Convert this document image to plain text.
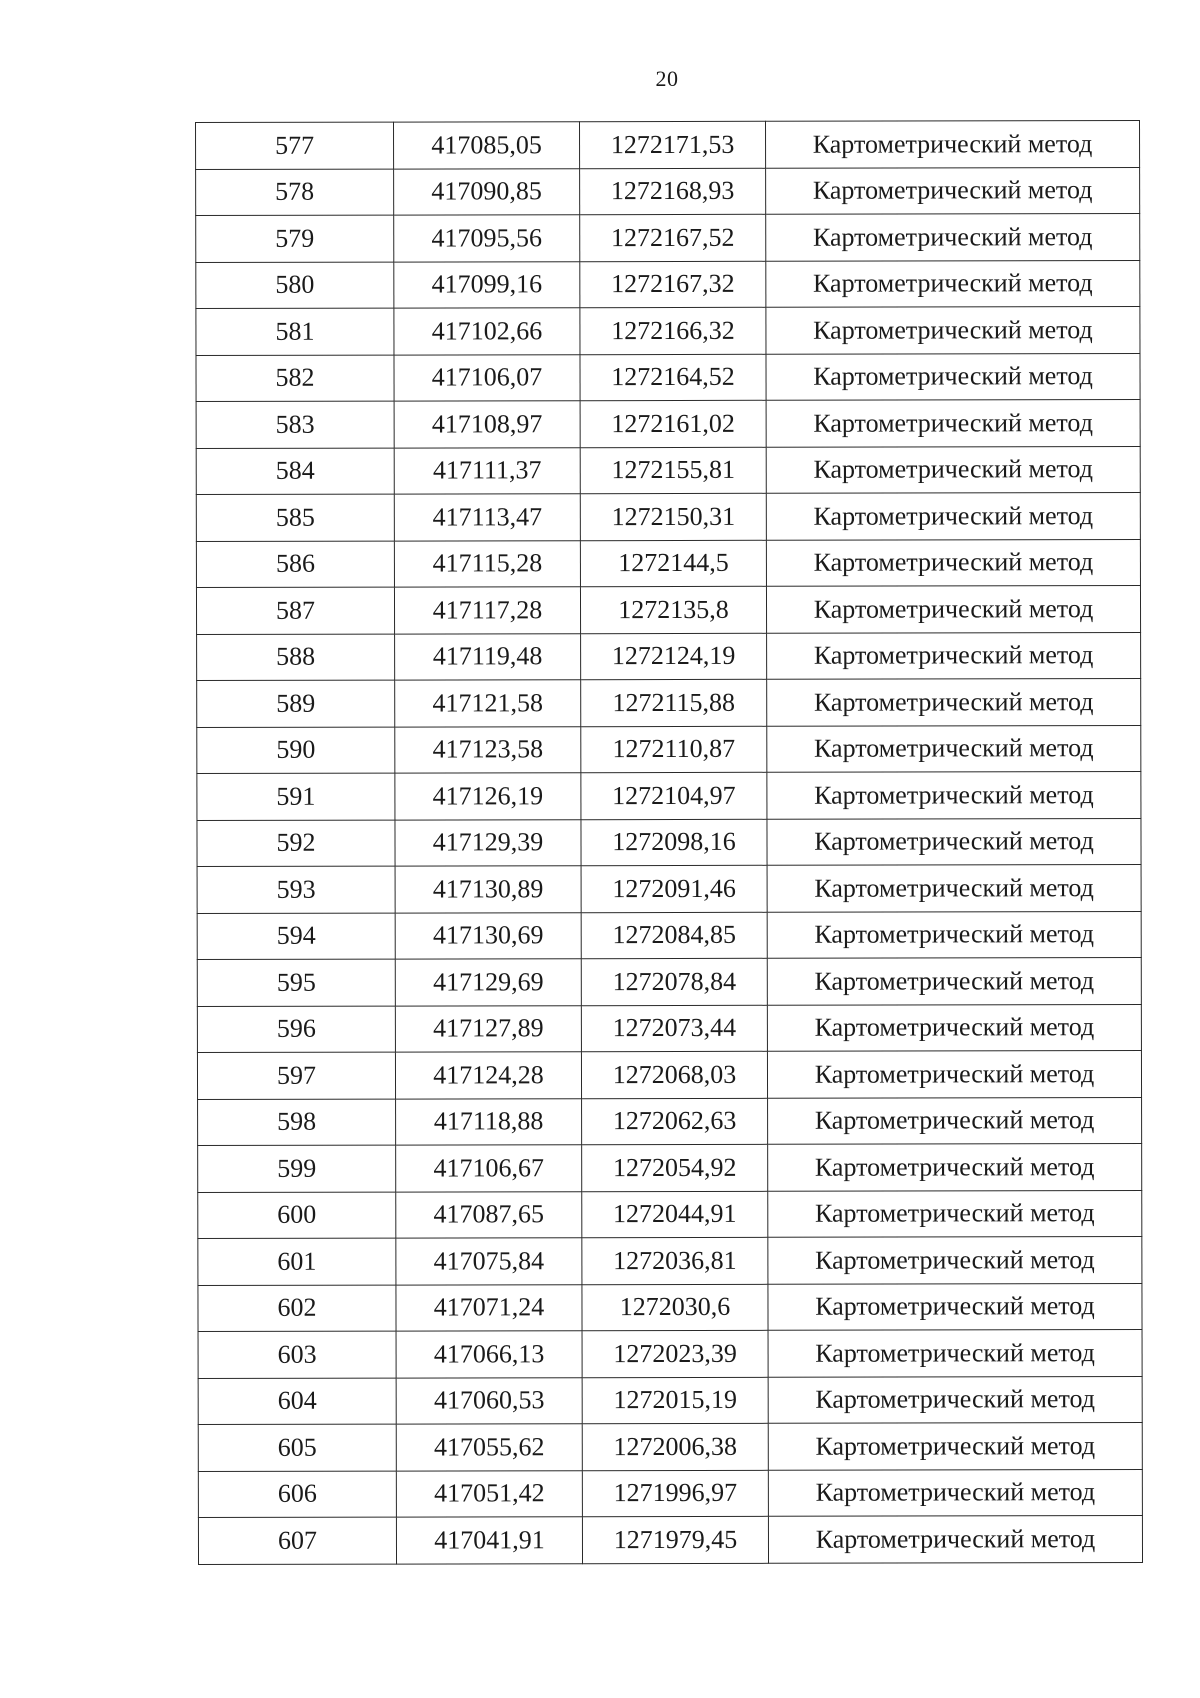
20
577	417085,05	1272171,53	Картометрический метод
578	417090,85	1272168,93	Картометрический метод
579	417095,56	1272167,52	Картометрический метод
580	417099,16	1272167,32	Картометрический метод
581	417102,66	1272166,32	Картометрический метод
582	417106,07	1272164,52	Картометрический метод
583	417108,97	1272161,02	Картометрический метод
584	417111,37	1272155,81	Картометрический метод
585	417113,47	1272150,31	Картометрический метод
586	417115,28	1272144,5	Картометрический метод
587	417117,28	1272135,8	Картометрический метод
588	417119,48	1272124,19	Картометрический метод
589	417121,58	1272115,88	Картометрический метод
590	417123,58	1272110,87	Картометрический метод
591	417126,19	1272104,97	Картометрический метод
592	417129,39	1272098,16	Картометрический метод
593	417130,89	1272091,46	Картометрический метод
594	417130,69	1272084,85	Картометрический метод
595	417129,69	1272078,84	Картометрический метод
596	417127,89	1272073,44	Картометрический метод
597	417124,28	1272068,03	Картометрический метод
598	417118,88	1272062,63	Картометрический метод
599	417106,67	1272054,92	Картометрический метод
600	417087,65	1272044,91	Картометрический метод
601	417075,84	1272036,81	Картометрический метод
602	417071,24	1272030,6	Картометрический метод
603	417066,13	1272023,39	Картометрический метод
604	417060,53	1272015,19	Картометрический метод
605	417055,62	1272006,38	Картометрический метод
606	417051,42	1271996,97	Картометрический метод
607	417041,91	1271979,45	Картометрический метод
